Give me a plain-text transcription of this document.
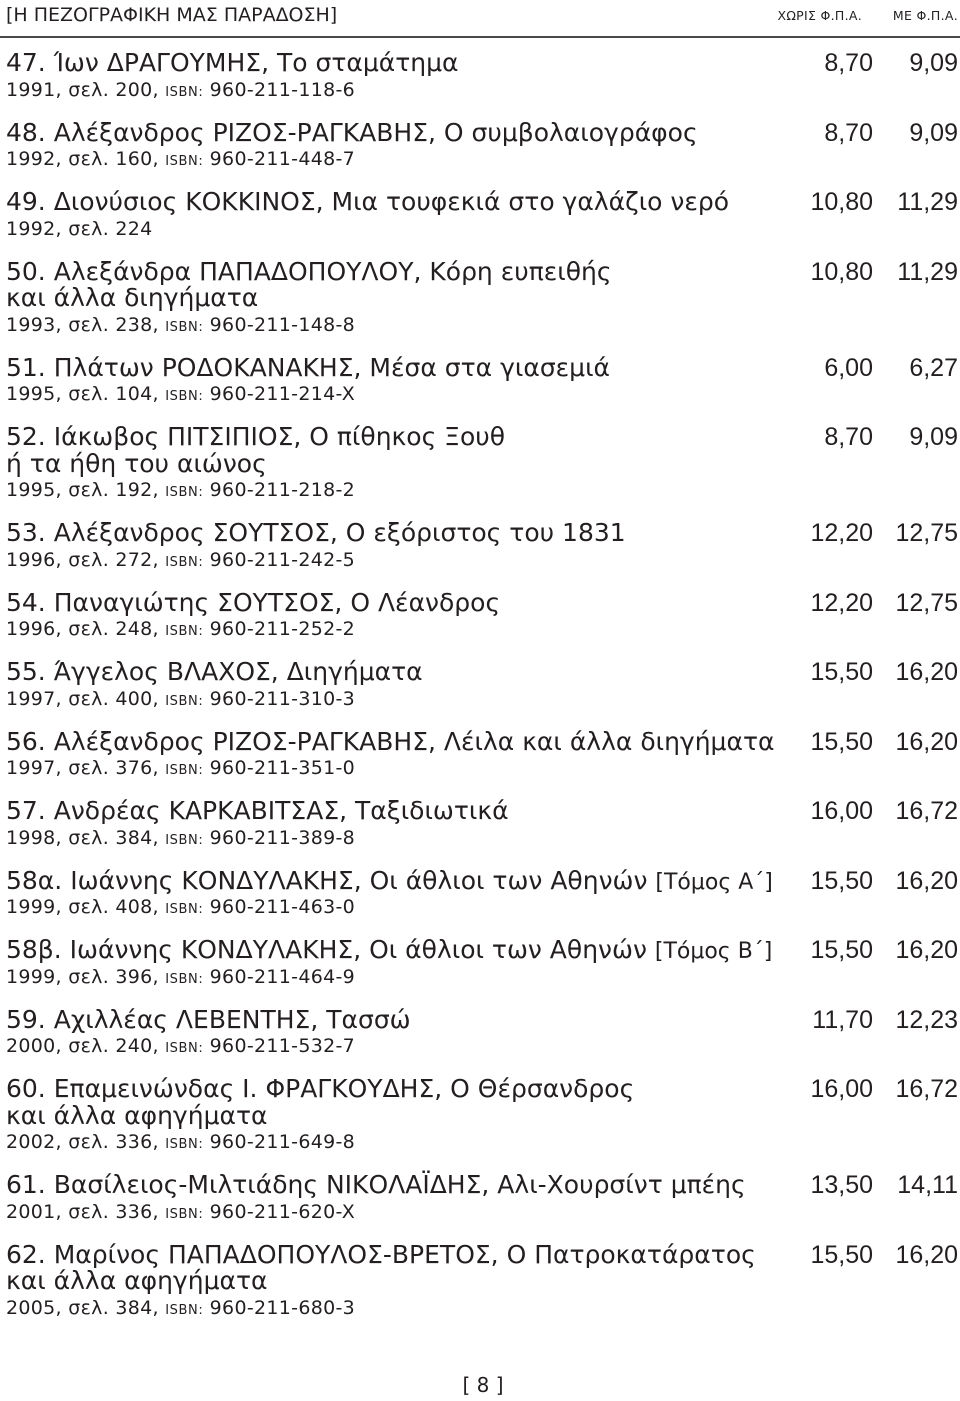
[Η ΠΕΖΟΓΡΑΦΙΚΗ ΜΑΣ ΠΑΡΑΔΟΣΗ]	ΧΩΡΙΣ Φ.Π.Α. ΜΕ Φ.Π.Α.
47. Ίων ΔΡΑΓΟΥΜΗΣ, Το σταμάτημα
1991, σελ. 200, ISBN: 960-211-118-6
8,70 9,09
48. Αλέξανδρος ΡΙΖΟΣ-ΡΑΓΚΑΒΗΣ, Ο συμβολαιογράφος
1992, σελ. 160, ISBN: 960-211-448-7
8,70 9,09
49. Διονύσιος ΚΟΚΚΙΝΟΣ, Μια τουφεκιά στο γαλάζιο νερό
1992, σελ. 224
10,80 11,29
50. Αλεξάνδρα ΠΑΠΑΔΟΠΟΥΛΟΥ, Κόρη ευπειθής
και άλλα διηγήματα
1993, σελ. 238, ISBN: 960-211-148-8
10,80 11,29
51. Πλάτων ΡΟΔΟΚΑΝΑΚΗΣ, Μέσα στα γιασεμιά
1995, σελ. 104, ISBN: 960-211-214-X
6,00 6,27
52. Ιάκωβος ΠΙΤΣΙΠΙΟΣ, Ο πίθηκος Ξουθ
ή τα ήθη του αιώνος
1995, σελ. 192, ISBN: 960-211-218-2
8,70 9,09
53. Αλέξανδρος ΣΟΥΤΣΟΣ, Ο εξόριστος του 1831
1996, σελ. 272, ISBN: 960-211-242-5
12,20 12,75
54. Παναγιώτης ΣΟΥΤΣΟΣ, Ο Λέανδρος
1996, σελ. 248, ISBN: 960-211-252-2
12,20 12,75
55. Άγγελος ΒΛΑΧΟΣ, Διηγήματα
1997, σελ. 400, ISBN: 960-211-310-3
15,50 16,20
56. Αλέξανδρος ΡΙΖΟΣ-ΡΑΓΚΑΒΗΣ, Λέιλα και άλλα διηγήματα
1997, σελ. 376, ISBN: 960-211-351-0
15,50 16,20
57. Ανδρέας ΚΑΡΚΑΒΙΤΣΑΣ, Ταξιδιωτικά
1998, σελ. 384, ISBN: 960-211-389-8
16,00 16,72
58α. Ιωάννης ΚΟΝΔΥΛΑΚΗΣ, Οι άθλιοι των Αθηνών [Τόμος Α΄]
1999, σελ. 408, ISBN: 960-211-463-0
15,50 16,20
58β. Ιωάννης ΚΟΝΔΥΛΑΚΗΣ, Οι άθλιοι των Αθηνών [Τόμος Β΄]
1999, σελ. 396, ISBN: 960-211-464-9
15,50 16,20
59. Αχιλλέας ΛΕΒΕΝΤΗΣ, Τασσώ
2000, σελ. 240, ISBN: 960-211-532-7
11,70 12,23
60. Επαμεινώνδας Ι. ΦΡΑΓΚΟΥΔΗΣ, Ο Θέρσανδρος
και άλλα αφηγήματα
2002, σελ. 336, ISBN: 960-211-649-8
16,00 16,72
61. Βασίλειος-Μιλτιάδης ΝΙΚΟΛΑΪΔΗΣ, Αλι-Χουρσίντ μπέης
2001, σελ. 336, ISBN: 960-211-620-X
13,50 14,11
62. Μαρίνος ΠΑΠΑΔΟΠΟΥΛΟΣ-ΒΡΕΤΟΣ, Ο Πατροκατάρατος
και άλλα αφηγήματα
2005, σελ. 384, ISBN: 960-211-680-3
15,50 16,20
[ 8 ]
